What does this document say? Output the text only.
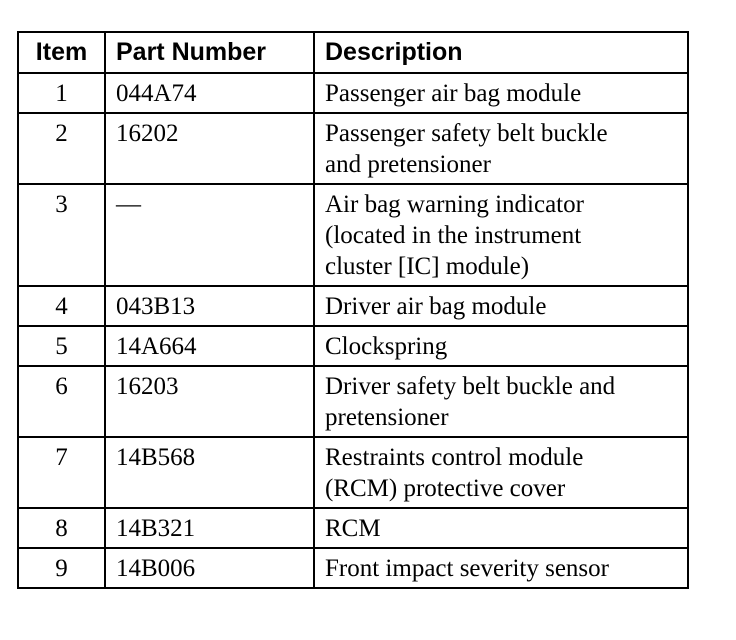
Item	Part Number	Description
1	044A74	Passenger air bag module

2	16202	Passenger safety belt buckle
and pretensioner

3	—	Air bag warning indicator
(located in the instrument
cluster [IC] module)

4	043B13	Driver air bag module

5	14A664	Clockspring

6	16203	Driver safety belt buckle and
pretensioner

7	14B568	Restraints control module
(RCM) protective cover

8	14B321	RCM

9	14B006	Front impact severity sensor
